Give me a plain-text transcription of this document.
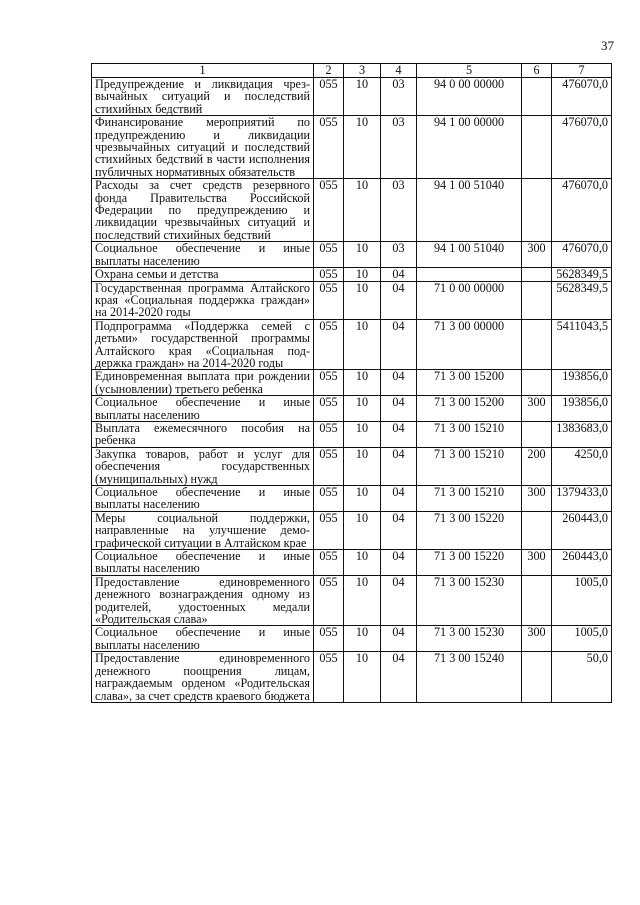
37
1	2	3	4	5	6	7
Предупреждение и ликвидация чрезвычайных ситуаций и последствий стихийных бедствий	055	10	03	94 0 00 00000		476070,0
Финансирование мероприятий по предупреждению и ликвидации чрезвычайных ситуаций и последствий стихийных бедствий в части исполнения публичных нормативных обязательств	055	10	03	94 1 00 00000		476070,0
Расходы за счет средств резервного фонда Правительства Российской Федерации по предупреждению и ликвидации чрезвычайных ситуаций и последствий стихийных бедствий	055	10	03	94 1 00 51040		476070,0
Социальное обеспечение и иные выплаты населению	055	10	03	94 1 00 51040	300	476070,0
Охрана семьи и детства	055	10	04			5628349,5
Государственная программа Алтайского края «Социальная поддержка граждан» на 2014-2020 годы	055	10	04	71 0 00 00000		5628349,5
Подпрограмма «Поддержка семей с детьми» государственной программы Алтайского края «Социальная поддержка граждан» на 2014-2020 годы	055	10	04	71 3 00 00000		5411043,5
Единовременная выплата при рождении (усыновлении) третьего ребенка	055	10	04	71 3 00 15200		193856,0
Социальное обеспечение и иные выплаты населению	055	10	04	71 3 00 15200	300	193856,0
Выплата ежемесячного пособия на ребенка	055	10	04	71 3 00 15210		1383683,0
Закупка товаров, работ и услуг для обеспечения государственных (муниципальных) нужд	055	10	04	71 3 00 15210	200	4250,0
Социальное обеспечение и иные выплаты населению	055	10	04	71 3 00 15210	300	1379433,0
Меры социальной поддержки, направленные на улучшение демографической ситуации в Алтайском крае	055	10	04	71 3 00 15220		260443,0
Социальное обеспечение и иные выплаты населению	055	10	04	71 3 00 15220	300	260443,0
Предоставление единовременного денежного вознаграждения одному из родителей, удостоенных медали «Родительская слава»	055	10	04	71 3 00 15230		1005,0
Социальное обеспечение и иные выплаты населению	055	10	04	71 3 00 15230	300	1005,0
Предоставление единовременного денежного поощрения лицам, награждаемым орденом «Родительская слава», за счет средств краевого бюджета	055	10	04	71 3 00 15240		50,0
